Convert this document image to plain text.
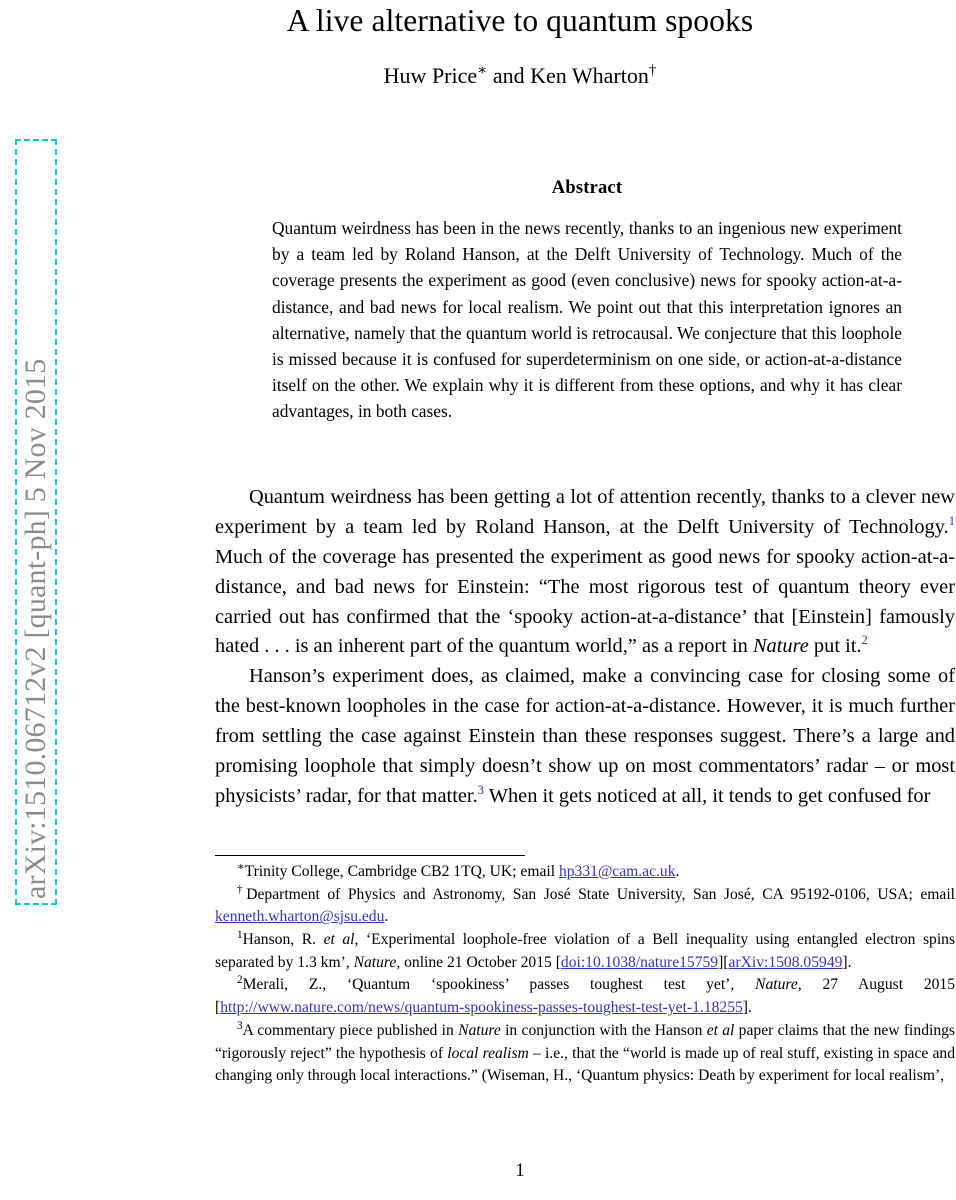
arXiv:1510.06712v2 [quant-ph] 5 Nov 2015
A live alternative to quantum spooks
Huw Price∗ and Ken Wharton†
Abstract

Quantum weirdness has been in the news recently, thanks to an ingenious new experiment by a team led by Roland Hanson, at the Delft University of Technology. Much of the coverage presents the experiment as good (even conclusive) news for spooky action-at-a-distance, and bad news for local realism. We point out that this interpretation ignores an alternative, namely that the quantum world is retrocausal. We conjecture that this loophole is missed because it is confused for superdeterminism on one side, or action-at-a-distance itself on the other. We explain why it is different from these options, and why it has clear advantages, in both cases.

Quantum weirdness has been getting a lot of attention recently, thanks to a clever new experiment by a team led by Roland Hanson, at the Delft University of Technology.$^1$ Much of the coverage has presented the experiment as good news for spooky action-at-a-distance, and bad news for Einstein: “The most rigorous test of quantum theory ever carried out has confirmed that the ‘spooky action-at-a-distance’ that [Einstein] famously hated . . . is an inherent part of the quantum world,” as a report in Nature put it.$^2$

Hanson’s experiment does, as claimed, make a convincing case for closing some of the best-known loopholes in the case for action-at-a-distance. However, it is much further from settling the case against Einstein than these responses suggest. There’s a large and promising loophole that simply doesn’t show up on most commentators’ radar – or most physicists’ radar, for that matter.$^3$ When it gets noticed at all, it tends to get confused for

∗Trinity College, Cambridge CB2 1TQ, UK; email hp331@cam.ac.uk.

†Department of Physics and Astronomy, San José State University, San José, CA 95192-0106, USA; email kenneth.wharton@sjsu.edu.

$^1$Hanson, R. et al, ‘Experimental loophole-free violation of a Bell inequality using entangled electron spins separated by 1.3 km’, Nature, online 21 October 2015 [doi:10.1038/nature15759][arXiv:1508.05949].

$^2$Merali, Z., ‘Quantum ‘spookiness’ passes toughest test yet’, Nature, 27 August 2015 [http://www.nature.com/news/quantum-spookiness-passes-toughest-test-yet-1.18255].

$^3$A commentary piece published in Nature in conjunction with the Hanson et al paper claims that the new findings “rigorously reject” the hypothesis of local realism – i.e., that the “world is made up of real stuff, existing in space and changing only through local interactions.” (Wiseman, H., ‘Quantum physics: Death by experiment for local realism’,

1
